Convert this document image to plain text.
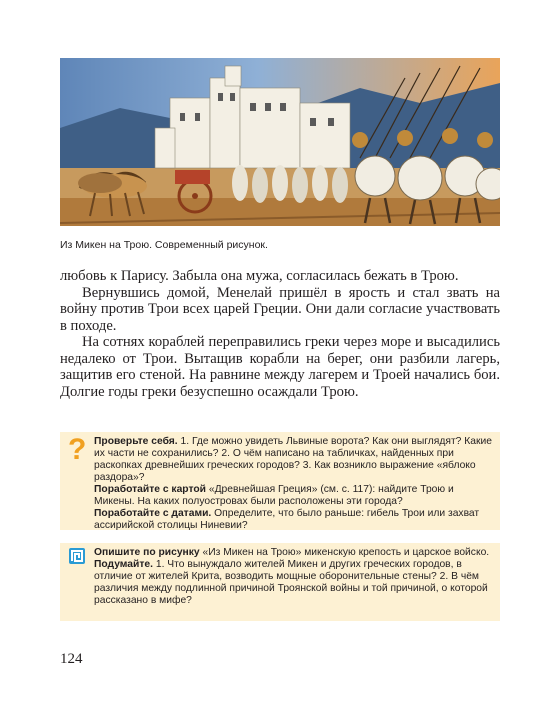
Из Микен на Трою. Современный рисунок.

любовь к Парису. Забыла она мужа, согласилась бежать в Трою.

Вернувшись домой, Менелай пришёл в ярость и стал звать на войну против Трои всех царей Греции. Они дали согласие участвовать в походе.

На сотнях кораблей переправились греки через море и высадились недалеко от Трои. Вытащив корабли на берег, они разбили лагерь, защитив его стеной. На равнине между лагерем и Троей начались бои. Долгие годы греки безуспешно осаждали Трою.

? Проверьте себя. 1. Где можно увидеть Львиные ворота? Как они выглядят? Какие их части не сохранились? 2. О чём написано на табличках, найденных при раскопках древнейших греческих городов? 3. Как возникло выражение «яблоко раздора»?

Поработайте с картой «Древнейшая Греция» (см. с. 117): найдите Трою и Микены. На каких полуостровах были расположены эти города?

Поработайте с датами. Определите, что было раньше: гибель Трои или захват ассирийской столицы Ниневии?

Опишите по рисунку «Из Микен на Трою» микенскую крепость и царское войско.

Подумайте. 1. Что вынуждало жителей Микен и других греческих городов, в отличие от жителей Крита, возводить мощные оборонительные стены? 2. В чём различия между подлинной причиной Троянской войны и той причиной, о которой рассказано в мифе?

124
